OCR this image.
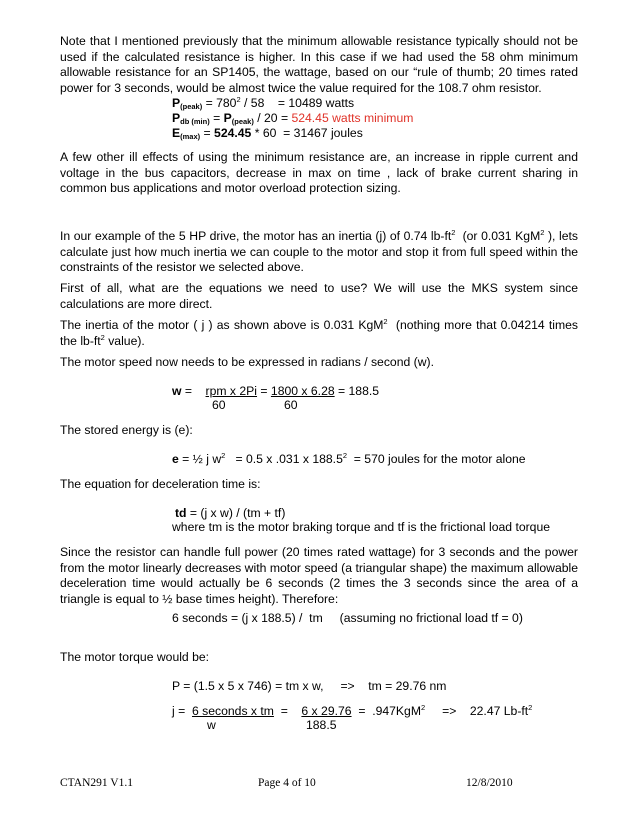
Note that I mentioned previously that the minimum allowable resistance typically should not be used if the calculated resistance is higher. In this case if we had used the 58 ohm minimum allowable resistance for an SP1405, the wattage, based on our “rule of thumb; 20 times rated power for 3 seconds, would be almost twice the value required for the 108.7 ohm resistor.

$P_{(peak)} = 780^2 / 58$    = 10489 watts
$P_{db (min)} = P_{(peak)} / 20 = 524.45$ watts minimum
$E_{(max)} = 524.45 * 60 = 31467$ joules

A few other ill effects of using the minimum resistance are, an increase in ripple current and voltage in the bus capacitors, decrease in max on time , lack of brake current sharing in common bus applications and motor overload protection sizing.

In our example of the 5 HP drive, the motor has an inertia (j) of 0.74 $lb-ft^2$  (or 0.031 KgM$^2$ ), lets calculate just how much inertia we can couple to the motor and stop it from full speed within the constraints of the resistor we selected above.

First of all, what are the equations we need to use? We will use the MKS system since calculations are more direct.

The inertia of the motor ( j ) as shown above is 0.031 KgM$^2$  (nothing more that 0.04214 times the $lb-ft^2$ value).

The motor speed now needs to be expressed in radians / second (w).

w =    rpm x 2Pi = 1800 x 6.28 = 188.5
60	60

The stored energy is (e):

e = ½ j $w^2 = 0.5$ x .031 x 188.5$^2$  = 570 joules for the motor alone

The equation for deceleration time is:

td = (j x w) / (tm + tf)
where tm is the motor braking torque and tf is the frictional load torque

Since the resistor can handle full power (20 times rated wattage) for 3 seconds and the power from the motor linearly decreases with motor speed (a triangular shape) the maximum allowable deceleration time would actually be 6 seconds (2 times the 3 seconds since the area of a triangle is equal to ½ base times height). Therefore:

6 seconds = (j x 188.5) /  tm     (assuming no frictional load tf = 0)

The motor torque would be:

P = (1.5 x 5 x 746) = tm x w,     =>    tm = 29.76 nm
j =  6 seconds x tm  =    6 x 29.76  =  .947KgM$^2$     =>    22.47 $Lb-ft^2$
w	188.5
CTAN291 V1.1	Page 4 of 10	12/8/2010
